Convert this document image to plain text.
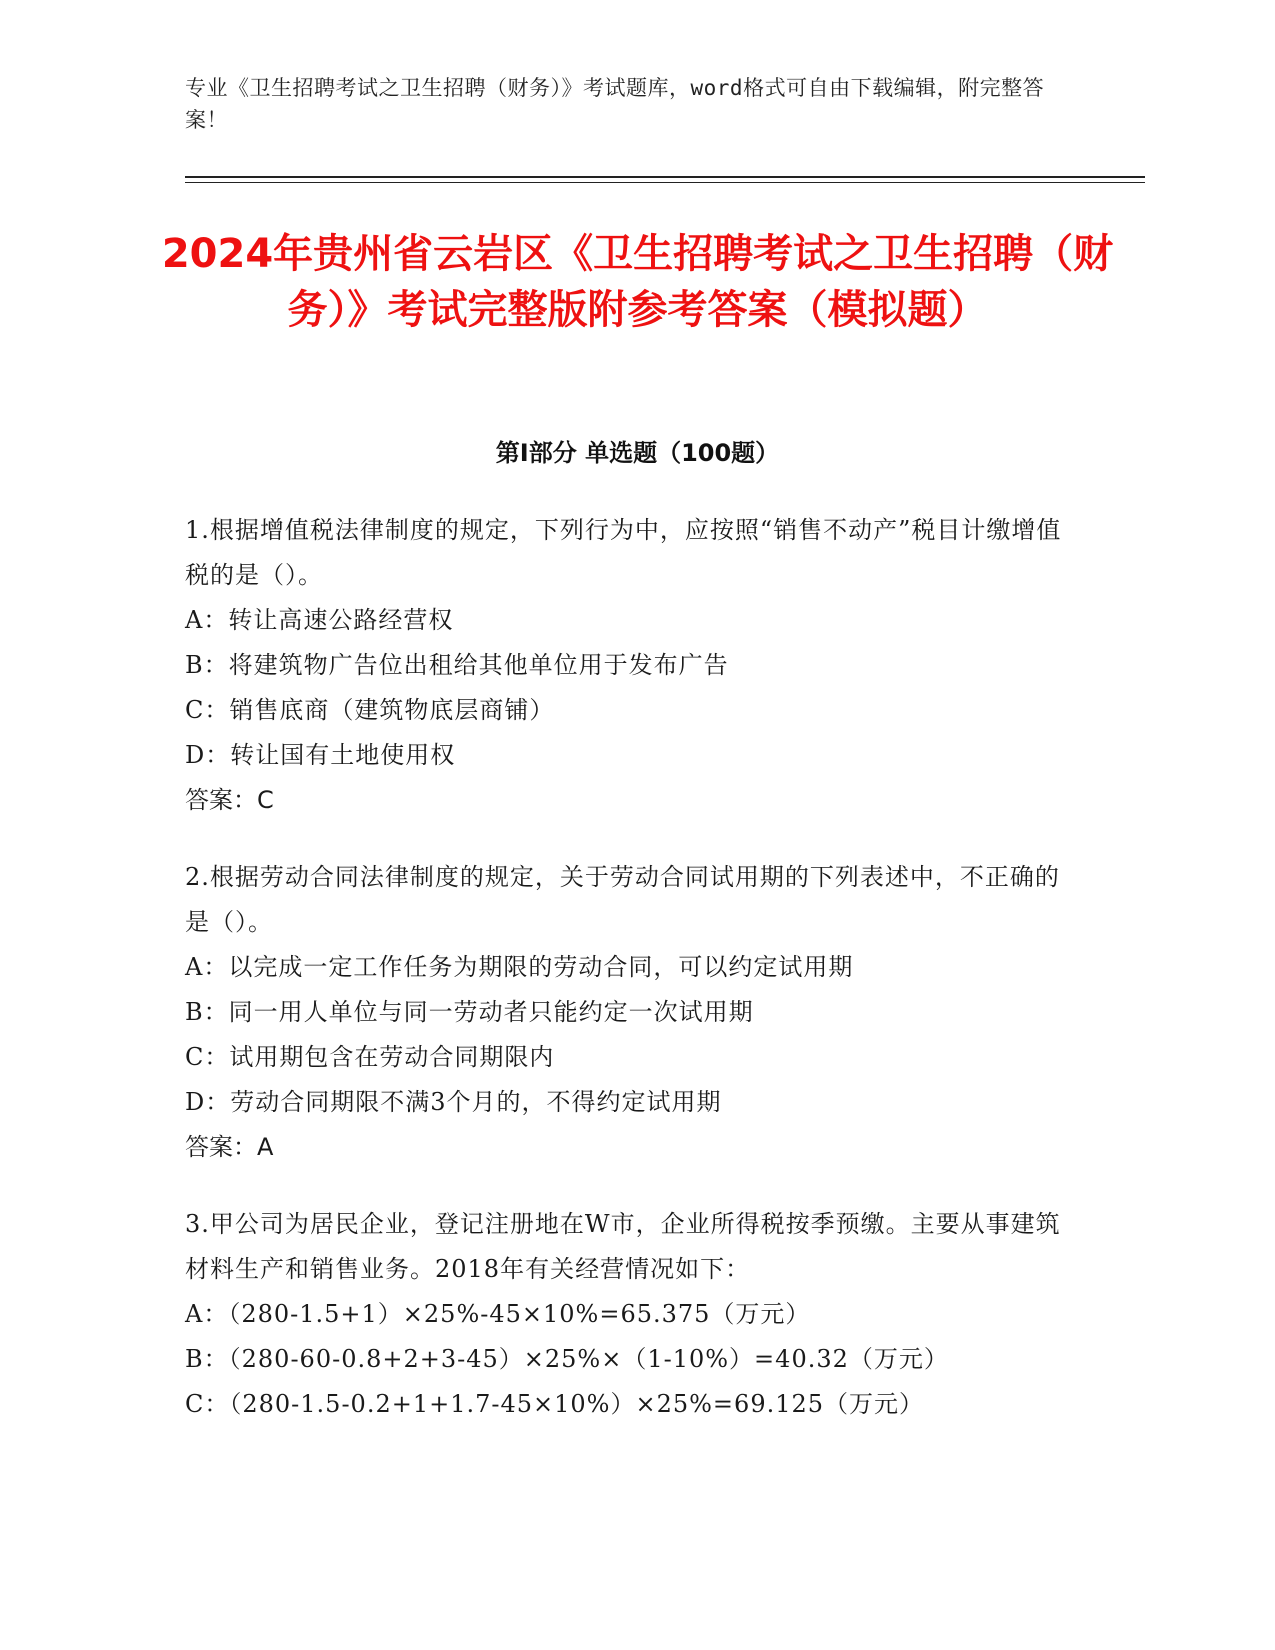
专业《卫生招聘考试之卫生招聘（财务）》考试题库，word格式可自由下载编辑，附完整答案！
2024年贵州省云岩区《卫生招聘考试之卫生招聘（财务）》考试完整版附参考答案（模拟题）
第Ⅰ部分 单选题（100题）
1.根据增值税法律制度的规定，下列行为中，应按照“销售不动产”税目计缴增值税的是（）。
A：转让高速公路经营权
B：将建筑物广告位出租给其他单位用于发布广告
C：销售底商（建筑物底层商铺）
D：转让国有土地使用权
答案：C
2.根据劳动合同法律制度的规定，关于劳动合同试用期的下列表述中，不正确的是（）。
A：以完成一定工作任务为期限的劳动合同，可以约定试用期
B：同一用人单位与同一劳动者只能约定一次试用期
C：试用期包含在劳动合同期限内
D：劳动合同期限不满3个月的，不得约定试用期
答案：A
3.甲公司为居民企业，登记注册地在W市，企业所得税按季预缴。主要从事建筑材料生产和销售业务。2018年有关经营情况如下：
A：（280-1.5+1）×25%-45×10%=65.375（万元）
B：（280-60-0.8+2+3-45）×25%×（1-10%）=40.32（万元）
C：（280-1.5-0.2+1+1.7-45×10%）×25%=69.125（万元）
